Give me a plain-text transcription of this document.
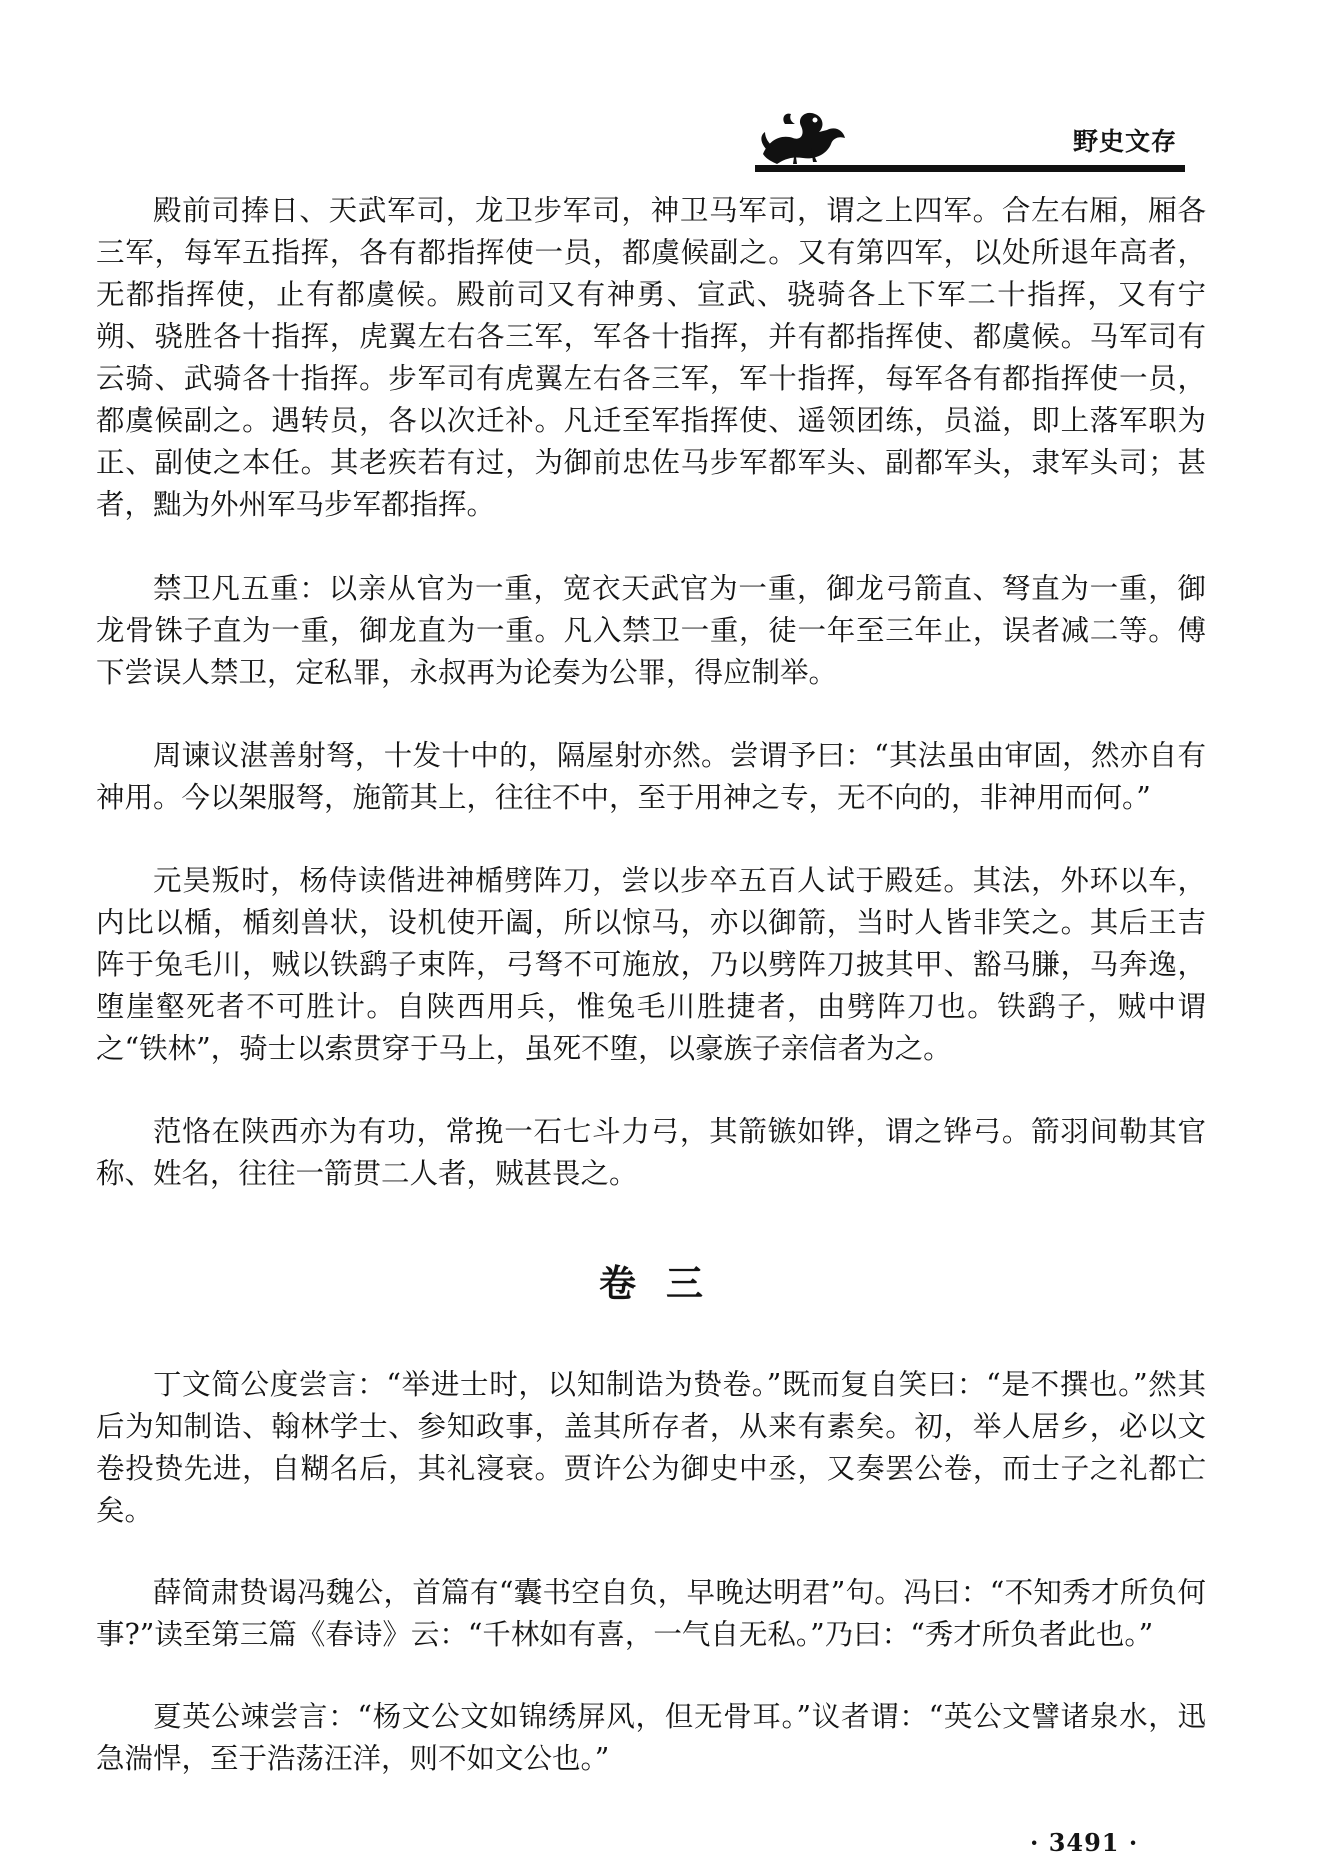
野史文存

殿前司捧日、天武军司，龙卫步军司，神卫马军司，谓之上四军。合左右厢，厢各三军，每军五指挥，各有都指挥使一员，都虞候副之。又有第四军，以处所退年高者，无都指挥使，止有都虞候。殿前司又有神勇、宣武、骁骑各上下军二十指挥，又有宁朔、骁胜各十指挥，虎翼左右各三军，军各十指挥，并有都指挥使、都虞候。马军司有云骑、武骑各十指挥。步军司有虎翼左右各三军，军十指挥，每军各有都指挥使一员，都虞候副之。遇转员，各以次迁补。凡迁至军指挥使、遥领团练，员溢，即上落军职为正、副使之本任。其老疾若有过，为御前忠佐马步军都军头、副都军头，隶军头司；甚者，黜为外州军马步军都指挥。

禁卫凡五重：以亲从官为一重，宽衣天武官为一重，御龙弓箭直、弩直为一重，御龙骨铢子直为一重，御龙直为一重。凡入禁卫一重，徒一年至三年止，误者减二等。傅下尝误人禁卫，定私罪，永叔再为论奏为公罪，得应制举。

周谏议湛善射弩，十发十中的，隔屋射亦然。尝谓予曰：“其法虽由审固，然亦自有神用。今以架服弩，施箭其上，往往不中，至于用神之专，无不向的，非神用而何。”

元昊叛时，杨侍读偕进神楯劈阵刀，尝以步卒五百人试于殿廷。其法，外环以车，内比以楯，楯刻兽状，设机使开阖，所以惊马，亦以御箭，当时人皆非笑之。其后王吉阵于兔毛川，贼以铁鹞子束阵，弓弩不可施放，乃以劈阵刀披其甲、豁马膁，马奔逸，堕崖壑死者不可胜计。自陕西用兵，惟兔毛川胜捷者，由劈阵刀也。铁鹞子，贼中谓之“铁林”，骑士以索贯穿于马上，虽死不堕，以豪族子亲信者为之。

范恪在陕西亦为有功，常挽一石七斗力弓，其箭镞如铧，谓之铧弓。箭羽间勒其官称、姓名，往往一箭贯二人者，贼甚畏之。

卷三

丁文简公度尝言：“举进士时，以知制诰为贽卷。”既而复自笑曰：“是不撰也。”然其后为知制诰、翰林学士、参知政事，盖其所存者，从来有素矣。初，举人居乡，必以文卷投贽先进，自糊名后，其礼寖衰。贾许公为御史中丞，又奏罢公卷，而士子之礼都亡矣。

薛简肃贽谒冯魏公，首篇有“囊书空自负，早晚达明君”句。冯曰：“不知秀才所负何事?”读至第三篇《春诗》云：“千林如有喜，一气自无私。”乃曰：“秀才所负者此也。”

夏英公竦尝言：“杨文公文如锦绣屏风，但无骨耳。”议者谓：“英公文譬诸泉水，迅急湍悍，至于浩荡汪洋，则不如文公也。”

· 3491 ·
